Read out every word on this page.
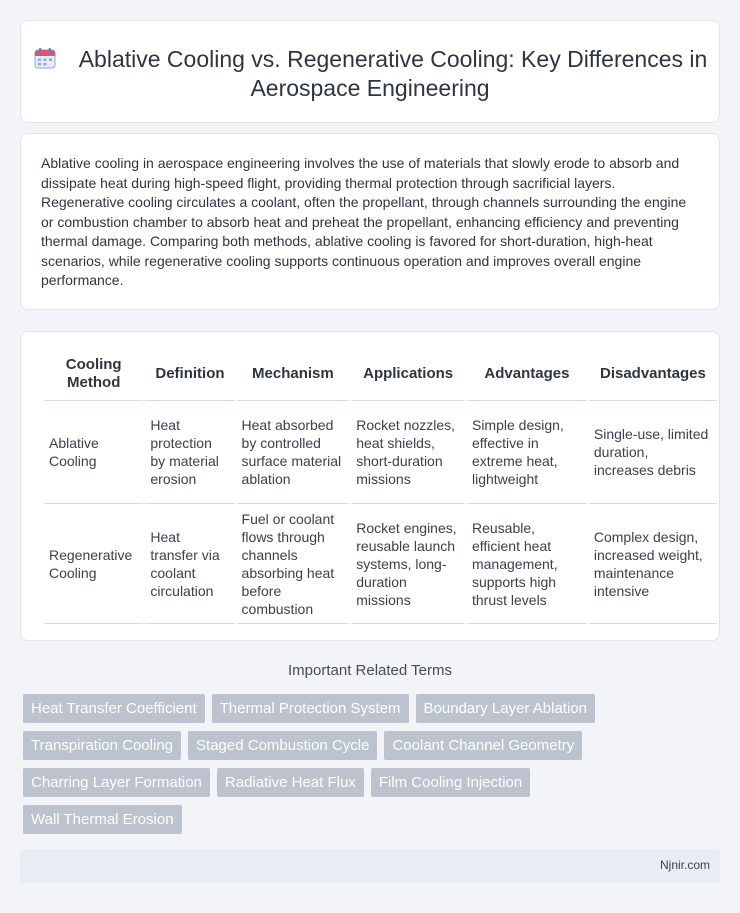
Ablative Cooling vs. Regenerative Cooling: Key Differences in Aerospace Engineering

Ablative cooling in aerospace engineering involves the use of materials that slowly erode to absorb and dissipate heat during high-speed flight, providing thermal protection through sacrificial layers. Regenerative cooling circulates a coolant, often the propellant, through channels surrounding the engine or combustion chamber to absorb heat and preheat the propellant, enhancing efficiency and preventing thermal damage. Comparing both methods, ablative cooling is favored for short-duration, high-heat scenarios, while regenerative cooling supports continuous operation and improves overall engine performance.

Cooling Method	Definition	Mechanism	Applications	Advantages	Disadvantages
Ablative Cooling	Heat protection by material erosion	Heat absorbed by controlled surface material ablation	Rocket nozzles, heat shields, short-duration missions	Simple design, effective in extreme heat, lightweight	Single-use, limited duration, increases debris
Regenerative Cooling	Heat transfer via coolant circulation	Fuel or coolant flows through channels absorbing heat before combustion	Rocket engines, reusable launch systems, long-duration missions	Reusable, efficient heat management, supports high thrust levels	Complex design, increased weight, maintenance intensive
Important Related Terms
Heat Transfer Coefficient	Thermal Protection System	Boundary Layer Ablation
Transpiration Cooling	Staged Combustion Cycle	Coolant Channel Geometry
Charring Layer Formation	Radiative Heat Flux	Film Cooling Injection
Wall Thermal Erosion
Njnir.com
